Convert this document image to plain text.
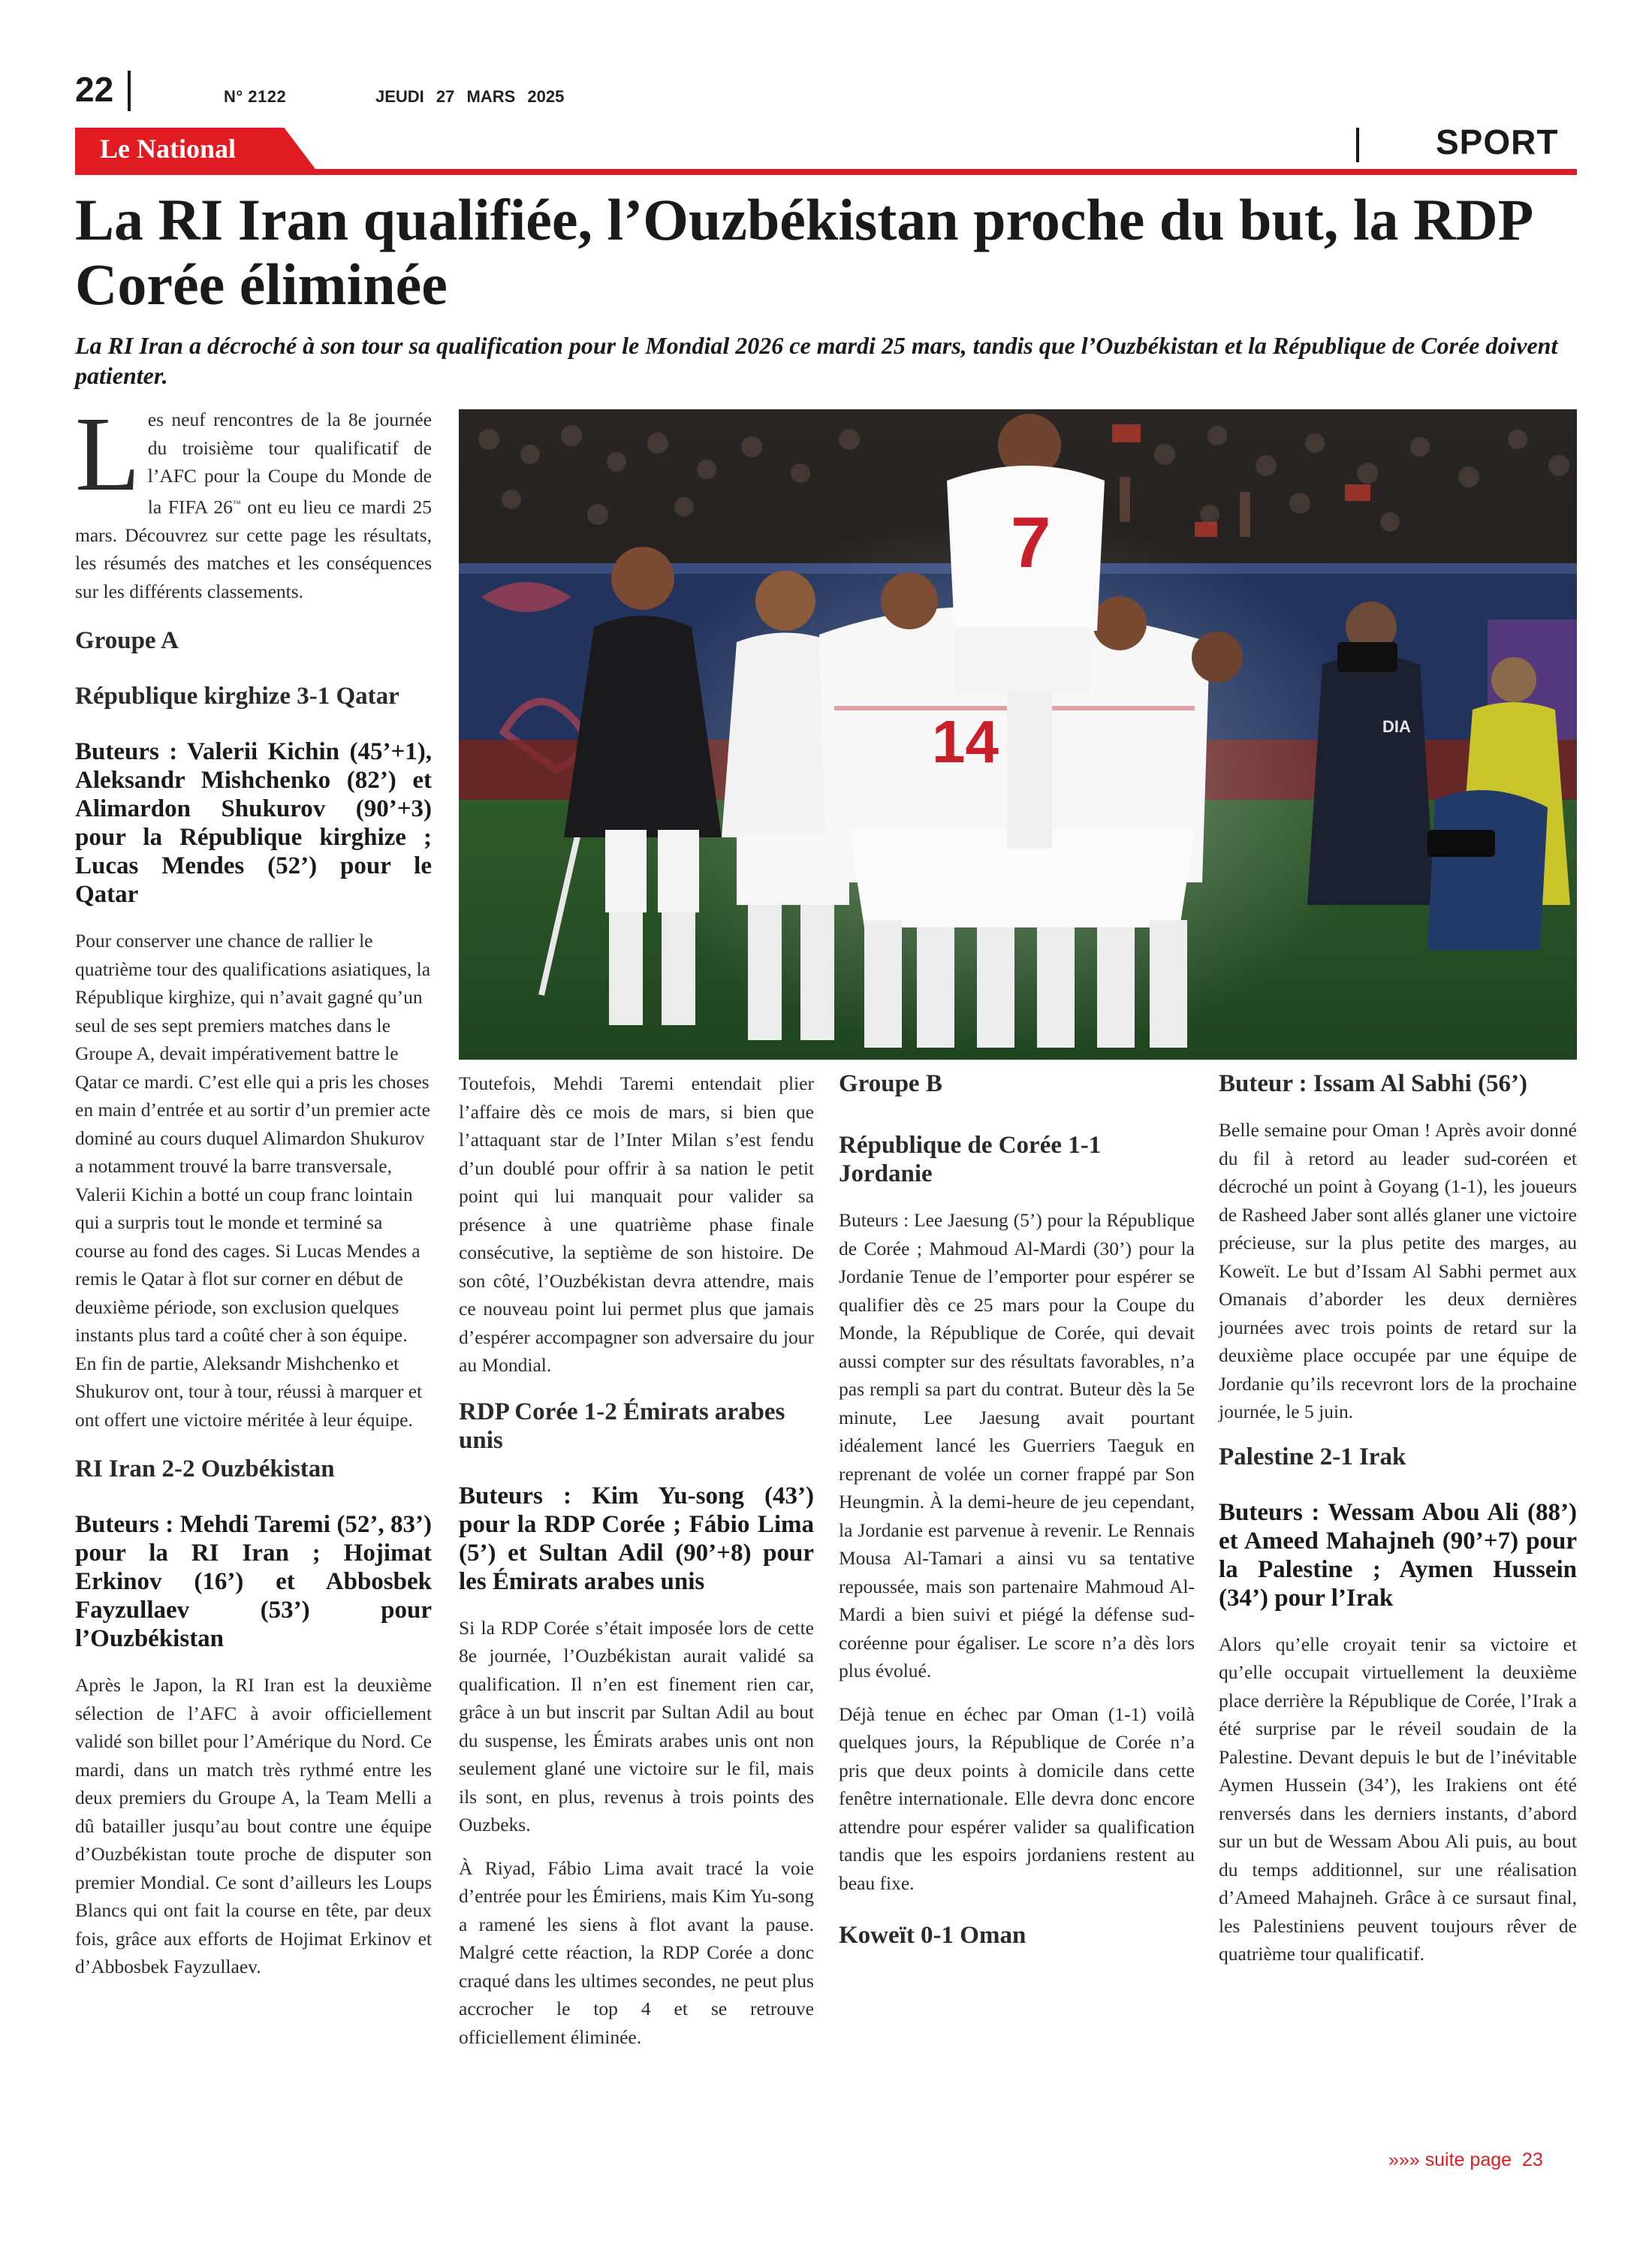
22	N° 2122	JEUDI 27 MARS 2025
Le National	SPORT
La RI Iran qualifiée, l’Ouzbékistan proche du but, la RDP Corée éliminée
La RI Iran a décroché à son tour sa qualification pour le Mondial 2026 ce mardi 25 mars, tandis que l’Ouzbékistan et la République de Corée doivent patienter.

Les neuf rencontres de la 8e journée du troisième tour qualificatif de l’AFC pour la Coupe du Monde de la FIFA 26™ ont eu lieu ce mardi 25 mars. Découvrez sur cette page les résultats, les résumés des matches et les conséquences sur les différents classements.

Groupe A
République kirghize 3-1 Qatar
Buteurs : Valerii Kichin (45’+1), Aleksandr Mishchenko (82’) et Alimardon Shukurov (90’+3) pour la République kirghize ; Lucas Mendes (52’) pour le Qatar

Pour conserver une chance de rallier le quatrième tour des qualifications asiatiques, la République kirghize, qui n’avait gagné qu’un seul de ses sept premiers matches dans le Groupe A, devait impérativement battre le Qatar ce mardi. C’est elle qui a pris les choses en main d’entrée et au sortir d’un premier acte dominé au cours duquel Alimardon Shukurov a notamment trouvé la barre transversale, Valerii Kichin a botté un coup franc lointain qui a surpris tout le monde et terminé sa course au fond des cages. Si Lucas Mendes a remis le Qatar à flot sur corner en début de deuxième période, son exclusion quelques instants plus tard a coûté cher à son équipe. En fin de partie, Aleksandr Mishchenko et Shukurov ont, tour à tour, réussi à marquer et ont offert une victoire méritée à leur équipe.

RI Iran 2-2 Ouzbékistan
Buteurs : Mehdi Taremi (52’, 83’) pour la RI Iran ; Hojimat Erkinov (16’) et Abbosbek Fayzullaev (53’) pour l’Ouzbékistan

Après le Japon, la RI Iran est la deuxième sélection de l’AFC à avoir officiellement validé son billet pour l’Amérique du Nord. Ce mardi, dans un match très rythmé entre les deux premiers du Groupe A, la Team Melli a dû batailler jusqu’au bout contre une équipe d’Ouzbékistan toute proche de disputer son premier Mondial. Ce sont d’ailleurs les Loups Blancs qui ont fait la course en tête, par deux fois, grâce aux efforts de Hojimat Erkinov et d’Abbosbek Fayzullaev.

7
14	DIA

Toutefois, Mehdi Taremi entendait plier l’affaire dès ce mois de mars, si bien que l’attaquant star de l’Inter Milan s’est fendu d’un doublé pour offrir à sa nation le petit point qui lui manquait pour valider sa présence à une quatrième phase finale consécutive, la septième de son histoire. De son côté, l’Ouzbékistan devra attendre, mais ce nouveau point lui permet plus que jamais d’espérer accompagner son adversaire du jour au Mondial.

RDP Corée 1-2 Émirats arabes unis
Buteurs : Kim Yu-song (43’) pour la RDP Corée ; Fábio Lima (5’) et Sultan Adil (90’+8) pour les Émirats arabes unis

Si la RDP Corée s’était imposée lors de cette 8e journée, l’Ouzbékistan aurait validé sa qualification. Il n’en est finement rien car, grâce à un but inscrit par Sultan Adil au bout du suspense, les Émirats arabes unis ont non seulement glané une victoire sur le fil, mais ils sont, en plus, revenus à trois points des Ouzbeks.

À Riyad, Fábio Lima avait tracé la voie d’entrée pour les Émiriens, mais Kim Yu-song a ramené les siens à flot avant la pause. Malgré cette réaction, la RDP Corée a donc craqué dans les ultimes secondes, ne peut plus accrocher le top 4 et se retrouve officiellement éliminée.

Groupe B
République de Corée 1-1 Jordanie

Buteurs : Lee Jaesung (5’) pour la République de Corée ; Mahmoud Al-Mardi (30’) pour la Jordanie Tenue de l’emporter pour espérer se qualifier dès ce 25 mars pour la Coupe du Monde, la République de Corée, qui devait aussi compter sur des résultats favorables, n’a pas rempli sa part du contrat. Buteur dès la 5e minute, Lee Jaesung avait pourtant idéalement lancé les Guerriers Taeguk en reprenant de volée un corner frappé par Son Heungmin. À la demi-heure de jeu cependant, la Jordanie est parvenue à revenir. Le Rennais Mousa Al-Tamari a ainsi vu sa tentative repoussée, mais son partenaire Mahmoud Al-Mardi a bien suivi et piégé la défense sud-coréenne pour égaliser. Le score n’a dès lors plus évolué.

Déjà tenue en échec par Oman (1-1) voilà quelques jours, la République de Corée n’a pris que deux points à domicile dans cette fenêtre internationale. Elle devra donc encore attendre pour espérer valider sa qualification tandis que les espoirs jordaniens restent au beau fixe.

Koweït 0-1 Oman
Buteur : Issam Al Sabhi (56’)

Belle semaine pour Oman ! Après avoir donné du fil à retord au leader sud-coréen et décroché un point à Goyang (1-1), les joueurs de Rasheed Jaber sont allés glaner une victoire précieuse, sur la plus petite des marges, au Koweït. Le but d’Issam Al Sabhi permet aux Omanais d’aborder les deux dernières journées avec trois points de retard sur la deuxième place occupée par une équipe de Jordanie qu’ils recevront lors de la prochaine journée, le 5 juin.

Palestine 2-1 Irak
Buteurs : Wessam Abou Ali (88’) et Ameed Mahajneh (90’+7) pour la Palestine ; Aymen Hussein (34’) pour l’Irak

Alors qu’elle croyait tenir sa victoire et qu’elle occupait virtuellement la deuxième place derrière la République de Corée, l’Irak a été surprise par le réveil soudain de la Palestine. Devant depuis le but de l’inévitable Aymen Hussein (34’), les Irakiens ont été renversés dans les derniers instants, d’abord sur un but de Wessam Abou Ali puis, au bout du temps additionnel, sur une réalisation d’Ameed Mahajneh. Grâce à ce sursaut final, les Palestiniens peuvent toujours rêver de quatrième tour qualificatif.

»»» suite page  23
